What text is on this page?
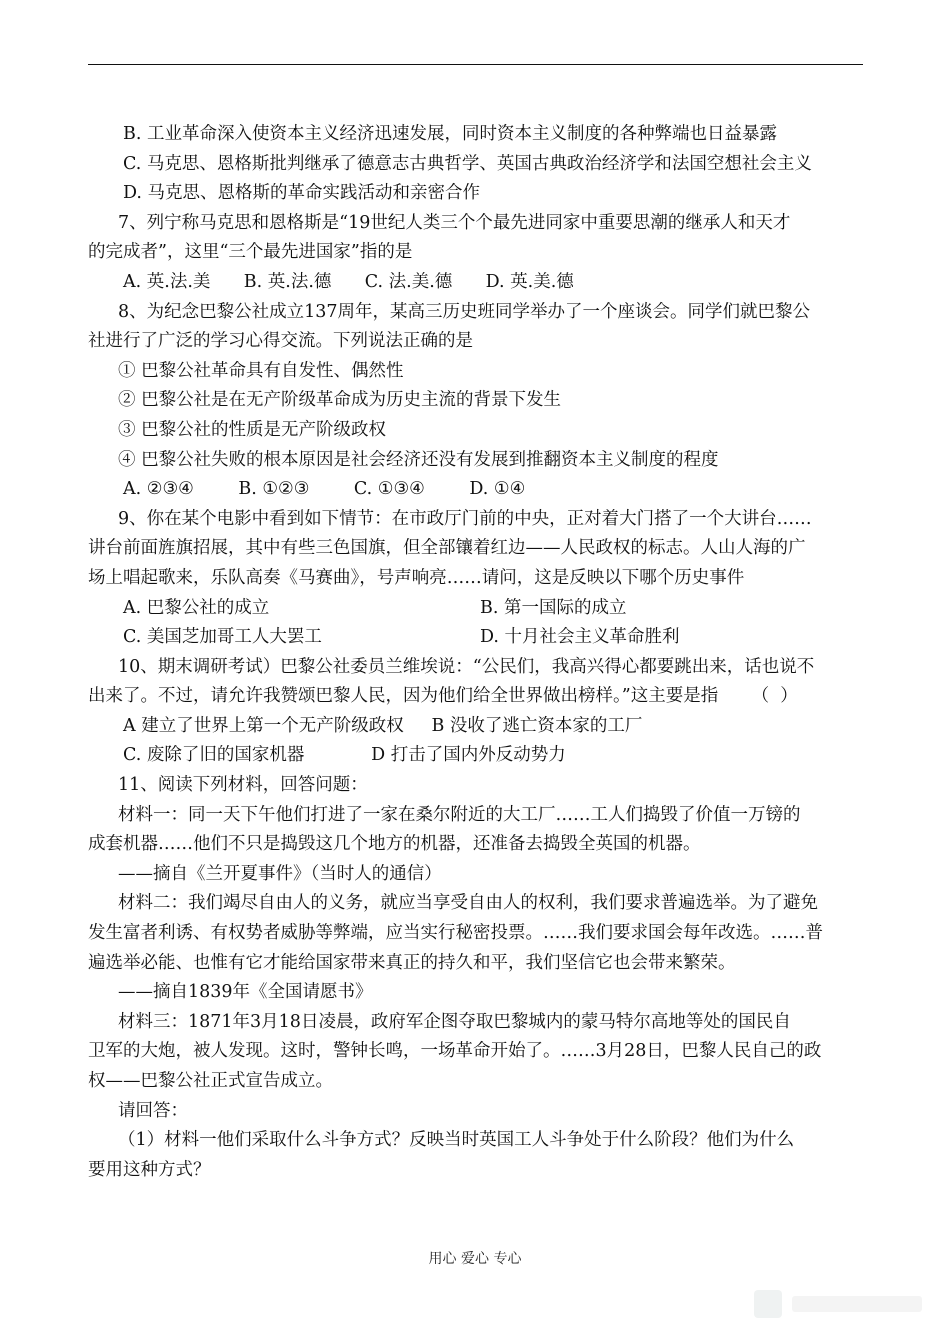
B. 工业革命深入使资本主义经济迅速发展，同时资本主义制度的各种弊端也日益暴露
C. 马克思、恩格斯批判继承了德意志古典哲学、英国古典政治经济学和法国空想社会主义
D. 马克思、恩格斯的革命实践活动和亲密合作
7、列宁称马克思和恩格斯是“19世纪人类三个个最先进同家中重要思潮的继承人和天才
的完成者”，这里“三个最先进国家”指的是
A. 英.法.美      B. 英.法.德      C. 法.美.德      D. 英.美.德
8、为纪念巴黎公社成立137周年，某高三历史班同学举办了一个座谈会。同学们就巴黎公
社进行了广泛的学习心得交流。下列说法正确的是
① 巴黎公社革命具有自发性、偶然性
② 巴黎公社是在无产阶级革命成为历史主流的背景下发生
③ 巴黎公社的性质是无产阶级政权
④ 巴黎公社失败的根本原因是社会经济还没有发展到推翻资本主义制度的程度
A. ②③④        B. ①②③        C. ①③④        D. ①④
9、你在某个电影中看到如下情节：在市政厅门前的中央，正对着大门搭了一个大讲台……
讲台前面旌旗招展，其中有些三色国旗，但全部镶着红边——人民政权的标志。人山人海的广
场上唱起歌来，乐队高奏《马赛曲》，号声响亮……请问，这是反映以下哪个历史事件
A. 巴黎公社的成立	B. 第一国际的成立
C. 美国芝加哥工人大罢工	D. 十月社会主义革命胜利
10、期末调研考试）巴黎公社委员兰维埃说：“公民们，我高兴得心都要跳出来，话也说不
出来了。不过，请允许我赞颂巴黎人民，因为他们给全世界做出榜样。”这主要是指      （  ）
A 建立了世界上第一个无产阶级政权     B 没收了逃亡资本家的工厂
C. 废除了旧的国家机器            D 打击了国内外反动势力
11、阅读下列材料，回答问题：
材料一：同一天下午他们打进了一家在桑尔附近的大工厂……工人们捣毁了价值一万镑的
成套机器……他们不只是捣毁这几个地方的机器，还准备去捣毁全英国的机器。
——摘自《兰开夏事件》（当时人的通信）
材料二：我们竭尽自由人的义务，就应当享受自由人的权利，我们要求普遍选举。为了避免
发生富者利诱、有权势者威胁等弊端，应当实行秘密投票。……我们要求国会每年改选。……普
遍选举必能、也惟有它才能给国家带来真正的持久和平，我们坚信它也会带来繁荣。
——摘自1839年《全国请愿书》
材料三：1871年3月18日凌晨，政府军企图夺取巴黎城内的蒙马特尔高地等处的国民自
卫军的大炮，被人发现。这时，警钟长鸣，一场革命开始了。……3月28日，巴黎人民自己的政
权——巴黎公社正式宣告成立。
请回答：
（1）材料一他们采取什么斗争方式？反映当时英国工人斗争处于什么阶段？他们为什么
要用这种方式？
用心 爱心 专心
